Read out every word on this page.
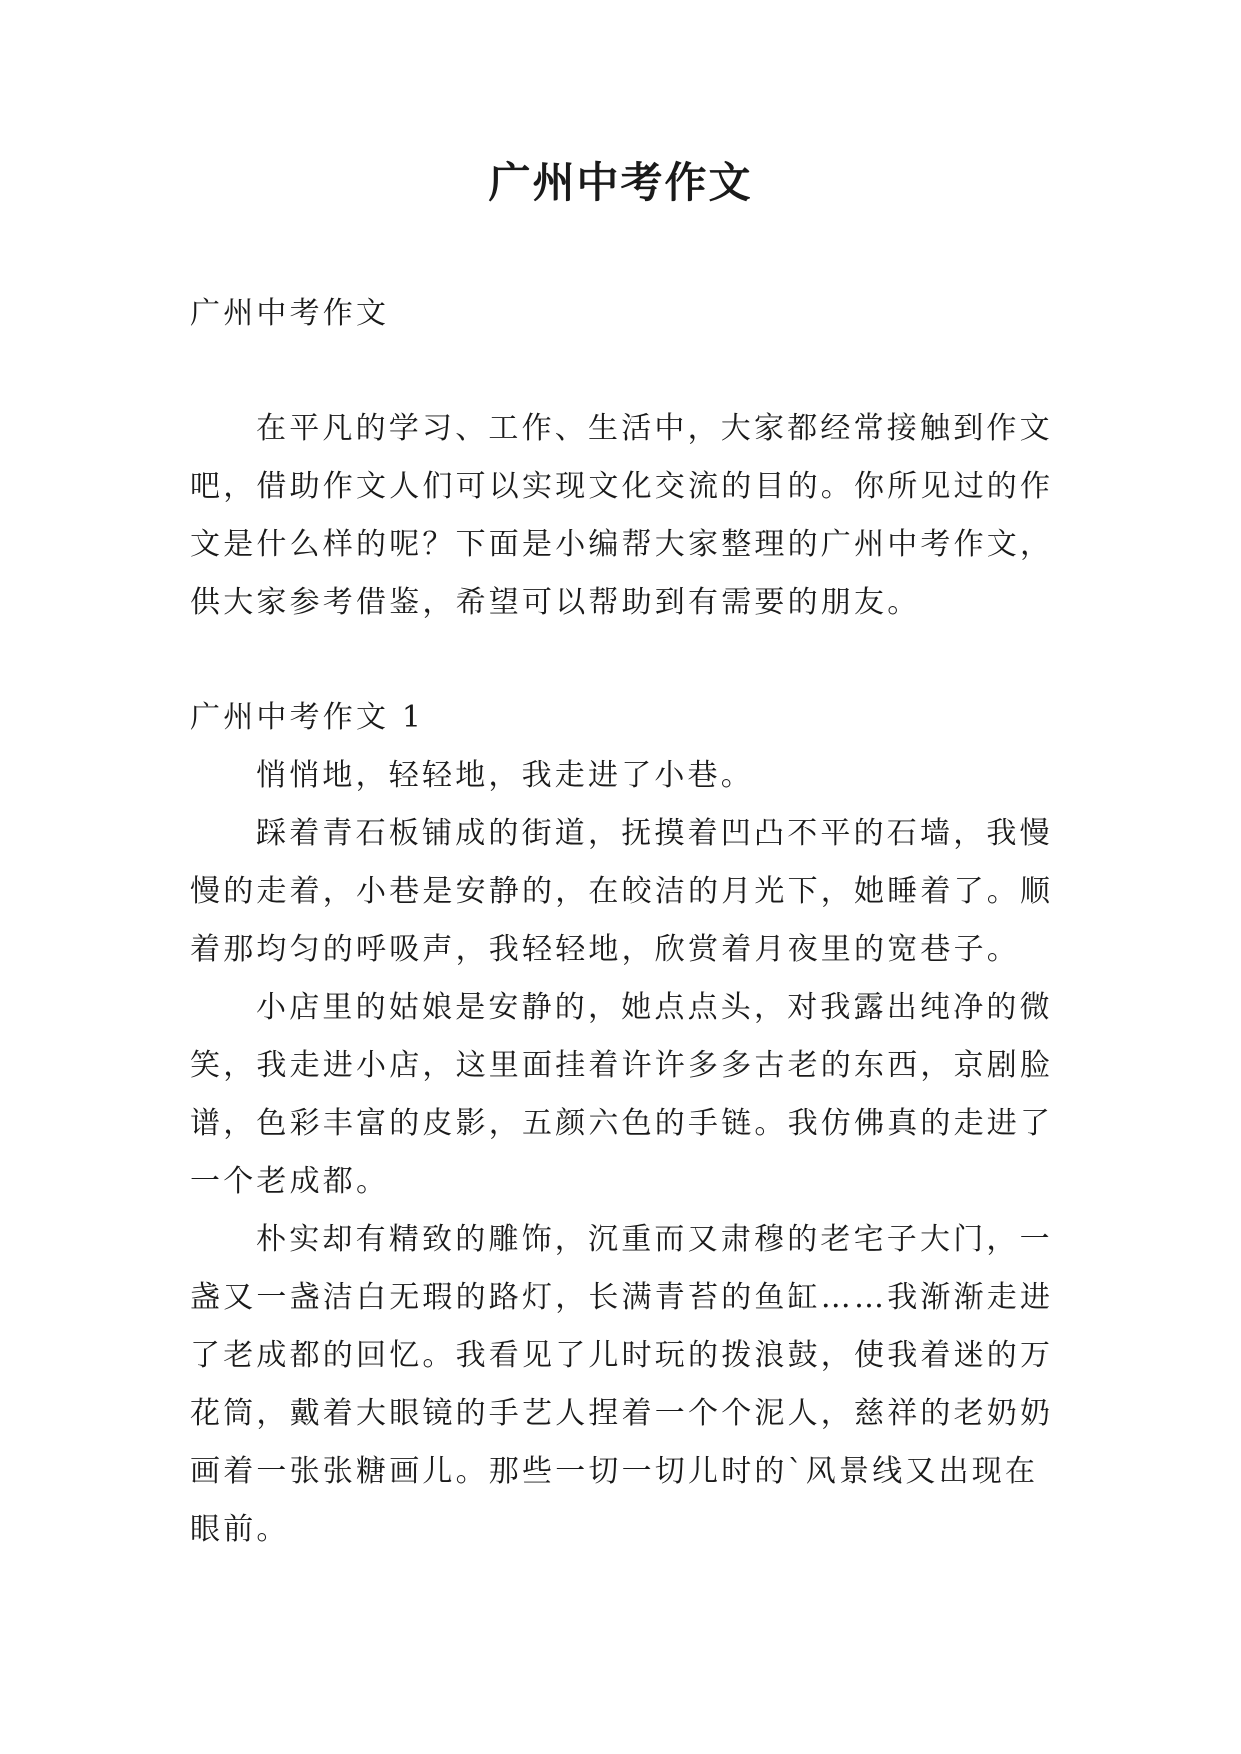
广州中考作文

广州中考作文

在平凡的学习、工作、生活中，大家都经常接触到作文吧，借助作文人们可以实现文化交流的目的。你所见过的作文是什么样的呢？下面是小编帮大家整理的广州中考作文，供大家参考借鉴，希望可以帮助到有需要的朋友。

广州中考作文 1

悄悄地，轻轻地，我走进了小巷。

踩着青石板铺成的街道，抚摸着凹凸不平的石墙，我慢慢的走着，小巷是安静的，在皎洁的月光下，她睡着了。顺着那均匀的呼吸声，我轻轻地，欣赏着月夜里的宽巷子。

小店里的姑娘是安静的，她点点头，对我露出纯净的微笑，我走进小店，这里面挂着许许多多古老的东西，京剧脸谱，色彩丰富的皮影，五颜六色的手链。我仿佛真的走进了一个老成都。

朴实却有精致的雕饰，沉重而又肃穆的老宅子大门，一盏又一盏洁白无瑕的路灯，长满青苔的鱼缸……我渐渐走进了老成都的回忆。我看见了儿时玩的拨浪鼓，使我着迷的万花筒，戴着大眼镜的手艺人捏着一个个泥人，慈祥的老奶奶画着一张张糖画儿。那些一切一切儿时的`风景线又出现在眼前。
